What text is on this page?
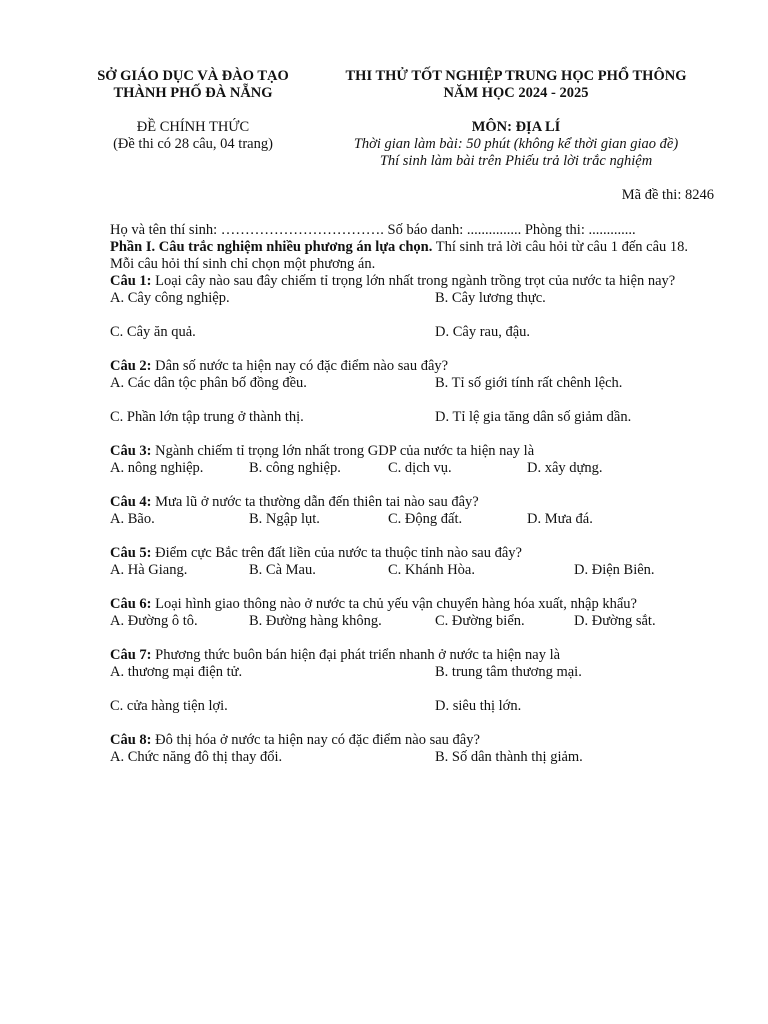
SỞ GIÁO DỤC VÀ ĐÀO TẠO
THÀNH PHỐ ĐÀ NẴNG
ĐỀ CHÍNH THỨC
(Đề thi có 28 câu, 04 trang)
THI THỬ TỐT NGHIỆP TRUNG HỌC PHỔ THÔNG
NĂM HỌC 2024 - 2025
MÔN: ĐỊA LÍ
Thời gian làm bài: 50 phút (không kể thời gian giao đề)
Thí sinh làm bài trên Phiếu trả lời trắc nghiệm
Mã đề thi: 8246

Họ và tên thí sinh: ……………………………. Số báo danh: ............... Phòng thi: .............

Phần I. Câu trắc nghiệm nhiều phương án lựa chọn. Thí sinh trả lời câu hỏi từ câu 1 đến câu 18. Mỗi câu hỏi thí sinh chỉ chọn một phương án.

Câu 1: Loại cây nào sau đây chiếm tỉ trọng lớn nhất trong ngành trồng trọt của nước ta hiện nay?

A. Cây công nghiệp.	B. Cây lương thực.
C. Cây ăn quả.	D. Cây rau, đậu.

Câu 2: Dân số nước ta hiện nay có đặc điểm nào sau đây?

A. Các dân tộc phân bố đồng đều.	B. Tỉ số giới tính rất chênh lệch.
C. Phần lớn tập trung ở thành thị.	D. Tỉ lệ gia tăng dân số giảm dần.

Câu 3: Ngành chiếm tỉ trọng lớn nhất trong GDP của nước ta hiện nay là

A. nông nghiệp.	B. công nghiệp.	C. dịch vụ.	D. xây dựng.

Câu 4: Mưa lũ ở nước ta thường dẫn đến thiên tai nào sau đây?

A. Bão.	B. Ngập lụt.	C. Động đất.	D. Mưa đá.

Câu 5: Điểm cực Bắc trên đất liền của nước ta thuộc tỉnh nào sau đây?

A. Hà Giang.	B. Cà Mau.	C. Khánh Hòa.	D. Điện Biên.

Câu 6: Loại hình giao thông nào ở nước ta chủ yếu vận chuyển hàng hóa xuất, nhập khẩu?

A. Đường ô tô.	B. Đường hàng không.	C. Đường biển.	D. Đường sắt.

Câu 7: Phương thức buôn bán hiện đại phát triển nhanh ở nước ta hiện nay là

A. thương mại điện tử.	B. trung tâm thương mại.
C. cửa hàng tiện lợi.	D. siêu thị lớn.

Câu 8: Đô thị hóa ở nước ta hiện nay có đặc điểm nào sau đây?

A. Chức năng đô thị thay đổi.	B. Số dân thành thị giảm.
